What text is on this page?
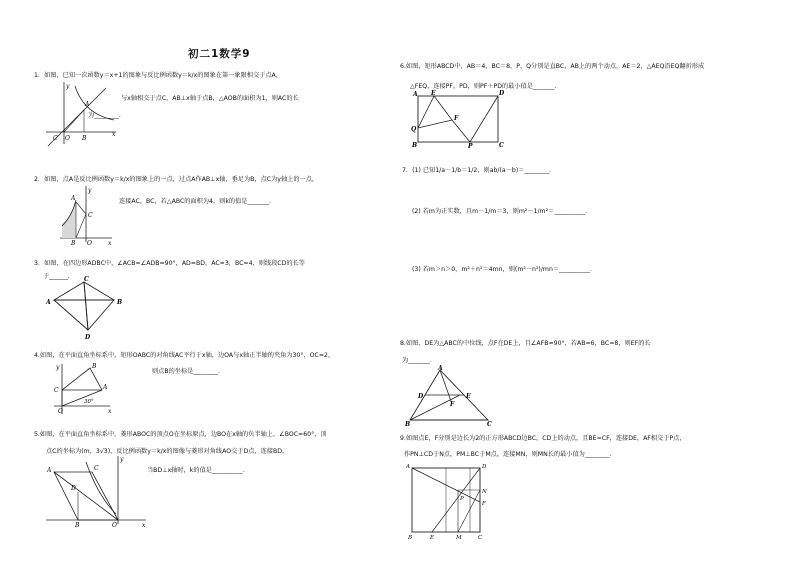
初二1数学9
1．如图，已知一次函数y＝x+1的图象与反比例函数y＝k/x的图象在第一象限相交于点A，
与x轴相交于点C，AB⊥x轴于点B，△AOB的面积为1，则AC的长
为________.
y
A
C O B
x
2．如图，点A是反比例函数y＝k/x的图象上的一点，过点A作AB⊥x轴，垂足为B，点C为y轴上的一点，
连接AC，BC，若△ABC的面积为4，则k的值是_______.
y
A
C
B O	x
3．如图，在四边形ADBC中，∠ACB=∠ADB=90°，AD=BD，AC=3，BC=4，则线段CD的长等
于______. C
A	B
D
4.如图，在平面直角坐标系中，矩形OABC的对角线AC平行于x轴，边OA与x轴正半轴的夹角为30°，OC=2，
则点B的坐标是________.
y	B
C	A
30°
O	x
5.如图，在平面直角坐标系中，菱形ABOC的顶点O在坐标原点，边BO在x轴的负半轴上，∠BOC=60°，顶
点C的坐标为(m，3√3)，反比例函数y＝k/x的图像与菱形对角线AO交于D点，连接BD，
当BD⊥x轴时，k的值是__________.
y
C
A
D
B	O	x
6.如图，矩形ABCD中，AB＝4，BC＝8，P，Q分别是直BC，AB上的两个动点，AE＝2，△AEQ沿EQ翻折形成
△FEQ，连接PF，PD，则PF＋PD的最小值是_______.
A E	D
F
Q
B	P	C
7．(1) 已知1/a－1/b＝1/2，则ab/(a－b)＝________.
(2) 若m为正实数，且m－1/m＝3，则m²－1/m²＝__________.
(3) 若m＞n＞0，m²＋n²＝4mn，则(m²－n²)/mn＝__________.
8.如图，DE为△ABC的中位线，点F在DE上，且∠AFB=90°，若AB=6，BC=8，则EF的长
为_______.
A
D
F
E
B	C
9.如图点E，F分别是边长为2的正方形ABCD边BC，CD上的动点，且BE=CF，连接DE，AF相交于P点，
作PN⊥CD于N点，PM⊥BC于M点，连接MN，则MN长的最小值为________.
A	D
N
F
P
B	E	M	C
